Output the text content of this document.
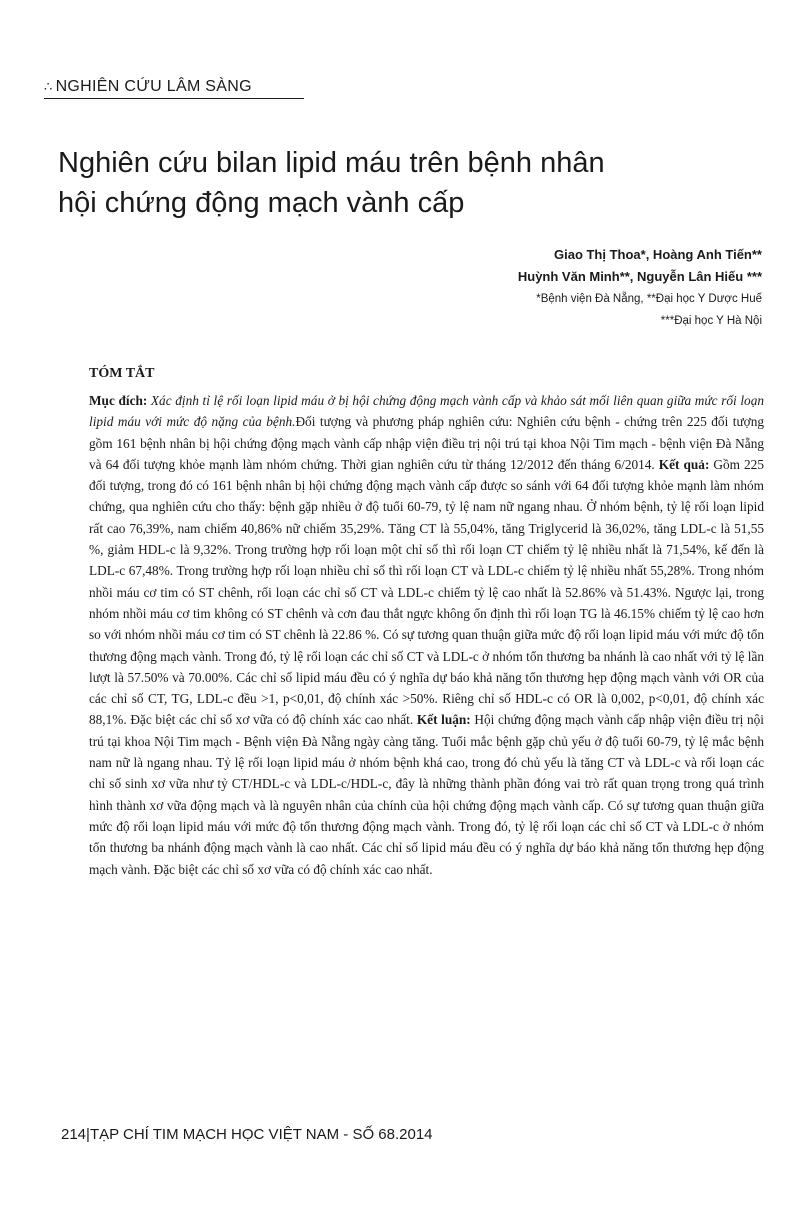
∴ NGHIÊN CỨU LÂM SÀNG
Nghiên cứu bilan lipid máu trên bệnh nhân
hội chứng động mạch vành cấp
Giao Thị Thoa*, Hoàng Anh Tiến**
Huỳnh Văn Minh**, Nguyễn Lân Hiếu ***
*Bệnh viện Đà Nẵng, **Đại học Y Dược Huế
***Đại học Y Hà Nội
TÓM TẮT

Mục đích: Xác định tỉ lệ rối loạn lipid máu ở bị hội chứng động mạch vành cấp và khảo sát mối liên quan giữa mức rối loạn lipid máu với mức độ nặng của bệnh.Đối tượng và phương pháp nghiên cứu: Nghiên cứu bệnh - chứng trên 225 đối tượng gồm 161 bệnh nhân bị hội chứng động mạch vành cấp nhập viện điều trị nội trú tại khoa Nội Tim mạch - bệnh viện Đà Nẵng và 64 đối tượng khỏe mạnh làm nhóm chứng. Thời gian nghiên cứu từ tháng 12/2012 đến tháng 6/2014. Kết quả: Gồm 225 đối tượng, trong đó có 161 bệnh nhân bị hội chứng động mạch vành cấp được so sánh với 64 đối tượng khỏe mạnh làm nhóm chứng, qua nghiên cứu cho thấy: bệnh gặp nhiều ở độ tuổi 60-79, tỷ lệ nam nữ ngang nhau. Ở nhóm bệnh, tỷ lệ rối loạn lipid rất cao 76,39%, nam chiếm 40,86% nữ chiếm 35,29%. Tăng CT là 55,04%, tăng Triglycerid là 36,02%, tăng LDL-c là 51,55 %, giảm HDL-c là 9,32%. Trong trường hợp rối loạn một chỉ số thì rối loạn CT chiếm tỷ lệ nhiều nhất là 71,54%, kế đến là LDL-c 67,48%. Trong trường hợp rối loạn nhiều chỉ số thì rối loạn CT và LDL-c chiếm tỷ lệ nhiều nhất 55,28%. Trong nhóm nhồi máu cơ tim có ST chênh, rối loạn các chỉ số CT và LDL-c chiếm tỷ lệ cao nhất là 52.86% và 51.43%. Ngược lại, trong nhóm nhồi máu cơ tim không có ST chênh và cơn đau thắt ngực không ổn định thì rối loạn TG là 46.15% chiếm tỷ lệ cao hơn so với nhóm nhồi máu cơ tim có ST chênh là 22.86 %. Có sự tương quan thuận giữa mức độ rối loạn lipid máu với mức độ tổn thương động mạch vành. Trong đó, tỷ lệ rối loạn các chỉ số CT và LDL-c ở nhóm tổn thương ba nhánh là cao nhất với tỷ lệ lần lượt là 57.50% và 70.00%. Các chỉ số lipid máu đều có ý nghĩa dự báo khả năng tổn thương hẹp động mạch vành với OR của các chỉ số CT, TG, LDL-c đều >1, p<0,01, độ chính xác >50%. Riêng chỉ số HDL-c có OR là 0,002, p<0,01, độ chính xác 88,1%. Đặc biệt các chỉ số xơ vữa có độ chính xác cao nhất. Kết luận: Hội chứng động mạch vành cấp nhập viện điều trị nội trú tại khoa Nội Tim mạch - Bệnh viện Đà Nẵng ngày càng tăng. Tuổi mắc bệnh gặp chủ yếu ở độ tuổi 60-79, tỷ lệ mắc bệnh nam nữ là ngang nhau. Tỷ lệ rối loạn lipid máu ở nhóm bệnh khá cao, trong đó chủ yếu là tăng CT và LDL-c và rối loạn các chỉ số sinh xơ vữa như tỷ CT/HDL-c và LDL-c/HDL-c, đây là những thành phần đóng vai trò rất quan trọng trong quá trình hình thành xơ vữa động mạch và là nguyên nhân của chính của hội chứng động mạch vành cấp. Có sự tương quan thuận giữa mức độ rối loạn lipid máu với mức độ tổn thương động mạch vành. Trong đó, tỷ lệ rối loạn các chỉ số CT và LDL-c ở nhóm tổn thương ba nhánh động mạch vành là cao nhất. Các chỉ số lipid máu đều có ý nghĩa dự báo khả năng tổn thương hẹp động mạch vành. Đặc biệt các chỉ số xơ vữa có độ chính xác cao nhất.

214|TẠP CHÍ TIM MẠCH HỌC VIỆT NAM - SỐ 68.2014
